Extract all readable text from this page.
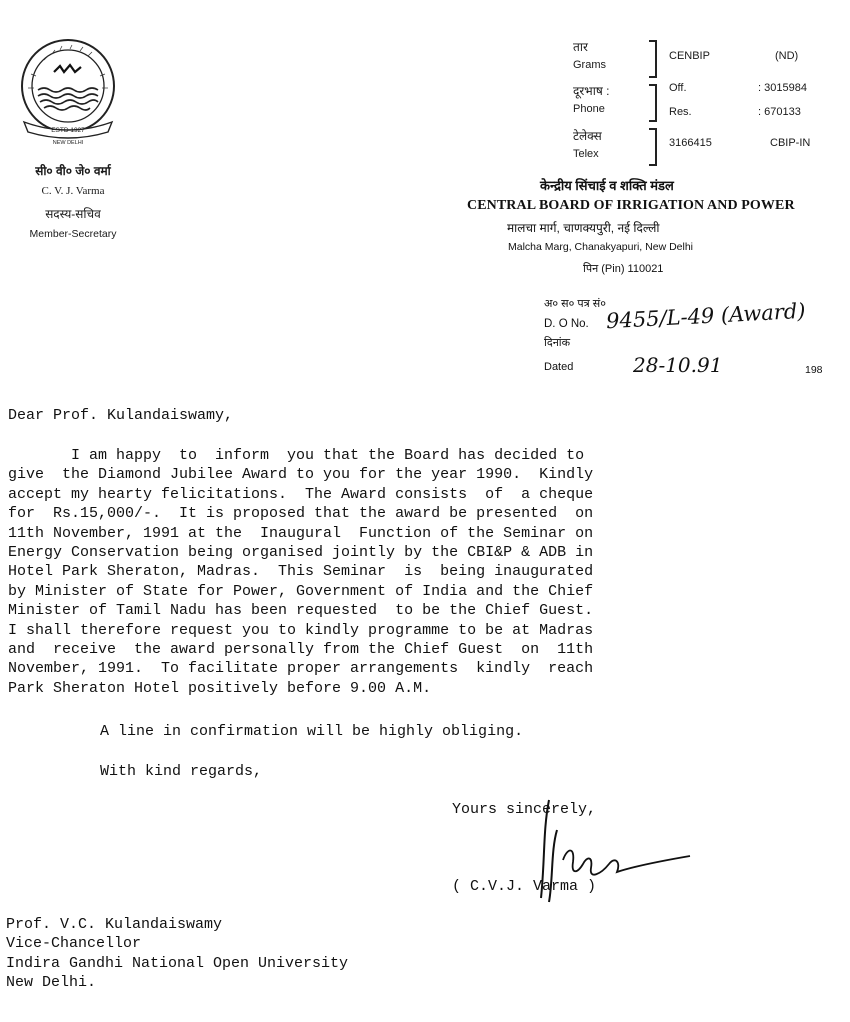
ESTD 1927
NEW DELHI
सी० वी० जे० वर्मा
C. V. J. Varma
सदस्य-सचिव
Member-Secretary
तार
Grams
CENBIP	(ND)
दूरभाष :
Phone
Off.	: 3015984
Res.	: 670133
टेलेक्स
Telex
3166415	CBIP-IN
केन्द्रीय सिंचाई व शक्ति मंडल
CENTRAL BOARD OF IRRIGATION AND POWER
मालचा मार्ग, चाणक्यपुरी, नई दिल्ली
Malcha Marg, Chanakyapuri, New Delhi
पिन (Pin) 110021
अ० स० पत्र सं०
D. O No. 9455/L-49 (Award)
दिनांक
Dated	28-10.91	198
Dear Prof. Kulandaiswamy,
I am happy  to  inform  you that the Board has decided to
give  the Diamond Jubilee Award to you for the year 1990.  Kindly
accept my hearty felicitations.  The Award consists  of  a cheque
for  Rs.15,000/-.  It is proposed that the award be presented  on
11th November, 1991 at the  Inaugural  Function of the Seminar on
Energy Conservation being organised jointly by the CBI&P & ADB in
Hotel Park Sheraton, Madras.  This Seminar  is  being inaugurated
by Minister of State for Power, Government of India and the Chief
Minister of Tamil Nadu has been requested  to be the Chief Guest.
I shall therefore request you to kindly programme to be at Madras
and  receive  the award personally from the Chief Guest  on  11th
November, 1991.  To facilitate proper arrangements  kindly  reach
Park Sheraton Hotel positively before 9.00 A.M.
A line in confirmation will be highly obliging.
With kind regards,
Yours sincerely,
( C.V.J. Varma )
Prof. V.C. Kulandaiswamy
Vice-Chancellor
Indira Gandhi National Open University
New Delhi.
